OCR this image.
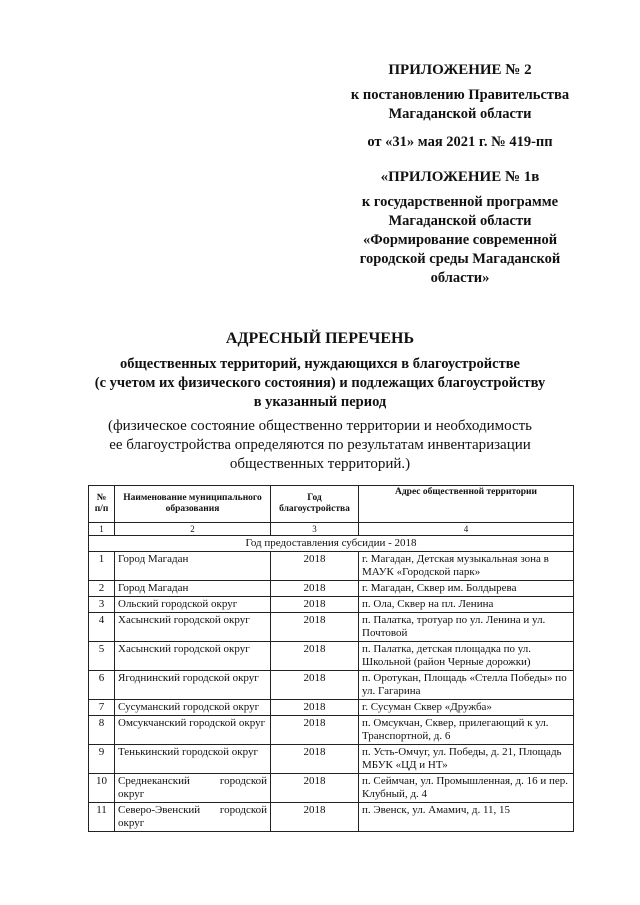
ПРИЛОЖЕНИЕ № 2
к постановлению Правительства
Магаданской области
от «31» мая 2021 г. № 419-пп
«ПРИЛОЖЕНИЕ № 1в
к государственной программе
Магаданской области
«Формирование современной
городской среды Магаданской
области»
АДРЕСНЫЙ ПЕРЕЧЕНЬ
общественных территорий, нуждающихся в благоустройстве
(с учетом их физического состояния) и подлежащих благоустройству
в указанный период
(физическое состояние общественно территории и необходимость
ее благоустройства определяются по результатам инвентаризации
общественных территорий.)
№ п/п	Наименование муниципального образования	Год благоустройства	Адрес общественной территории
1	2	3	4
Год предоставления субсидии - 2018			
1	Город Магадан	2018	г. Магадан, Детская музыкальная зона в МАУК «Городской парк»
2	Город Магадан	2018	г. Магадан, Сквер им. Болдырева
3	Ольский городской округ	2018	п. Ола, Сквер на пл. Ленина
4	Хасынский городской округ	2018	п. Палатка, тротуар по ул. Ленина и ул. Почтовой
5	Хасынский городской округ	2018	п. Палатка, детская площадка по ул. Школьной (район Черные дорожки)
6	Ягоднинский городской округ	2018	п. Оротукан, Площадь «Стелла Победы» по ул. Гагарина
7	Сусуманский городской округ	2018	г. Сусуман Сквер «Дружба»
8	Омсукчанский городской округ	2018	п. Омсукчан, Сквер, прилегающий к ул. Транспортной, д. 6
9	Тенькинский городской округ	2018	п. Усть-Омчуг, ул. Победы, д. 21, Площадь МБУК «ЦД и НТ»
10	Среднеканский городской округ	2018	п. Сеймчан, ул. Промышленная, д. 16 и пер. Клубный, д. 4
11	Северо-Эвенский городской округ	2018	п. Эвенск, ул. Амамич, д. 11, 15
